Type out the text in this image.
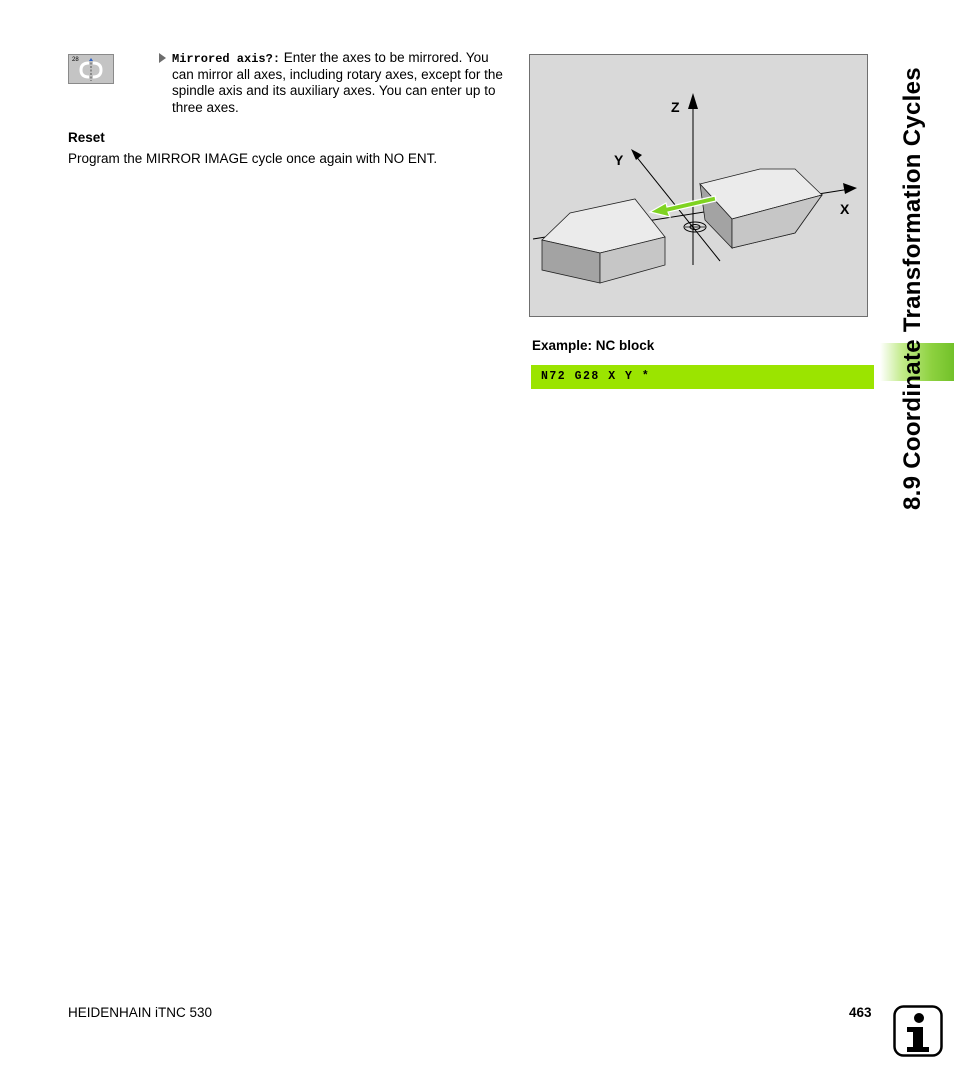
28	Mirrored axis?: Enter the axes to be mirrored. You can mirror all axes, including rotary axes, except for the spindle axis and its auxiliary axes. You can enter up to three axes.
Reset
Program the MIRROR IMAGE cycle once again with NO ENT.
Z
Y
X
Example: NC block
N72 G28 X Y *	8.9 Coordinate Transformation Cycles
HEIDENHAIN iTNC 530	463
